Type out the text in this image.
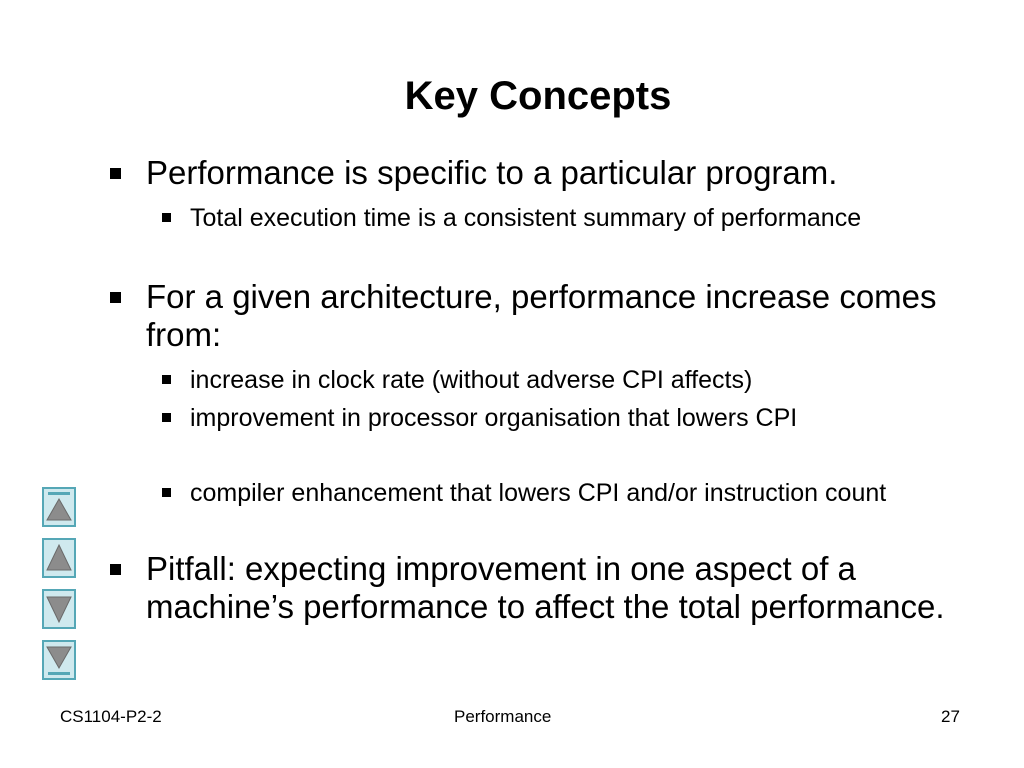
Key Concepts
Performance is specific to a particular program.
Total execution time is a consistent summary of performance
For a given architecture, performance increase comes from:
increase in clock rate (without adverse CPI affects)
improvement in processor organisation that lowers CPI
compiler enhancement that lowers CPI and/or instruction count
Pitfall: expecting improvement in one aspect of a machine’s performance to affect the total performance.
CS1104-P2-2	Performance	27
